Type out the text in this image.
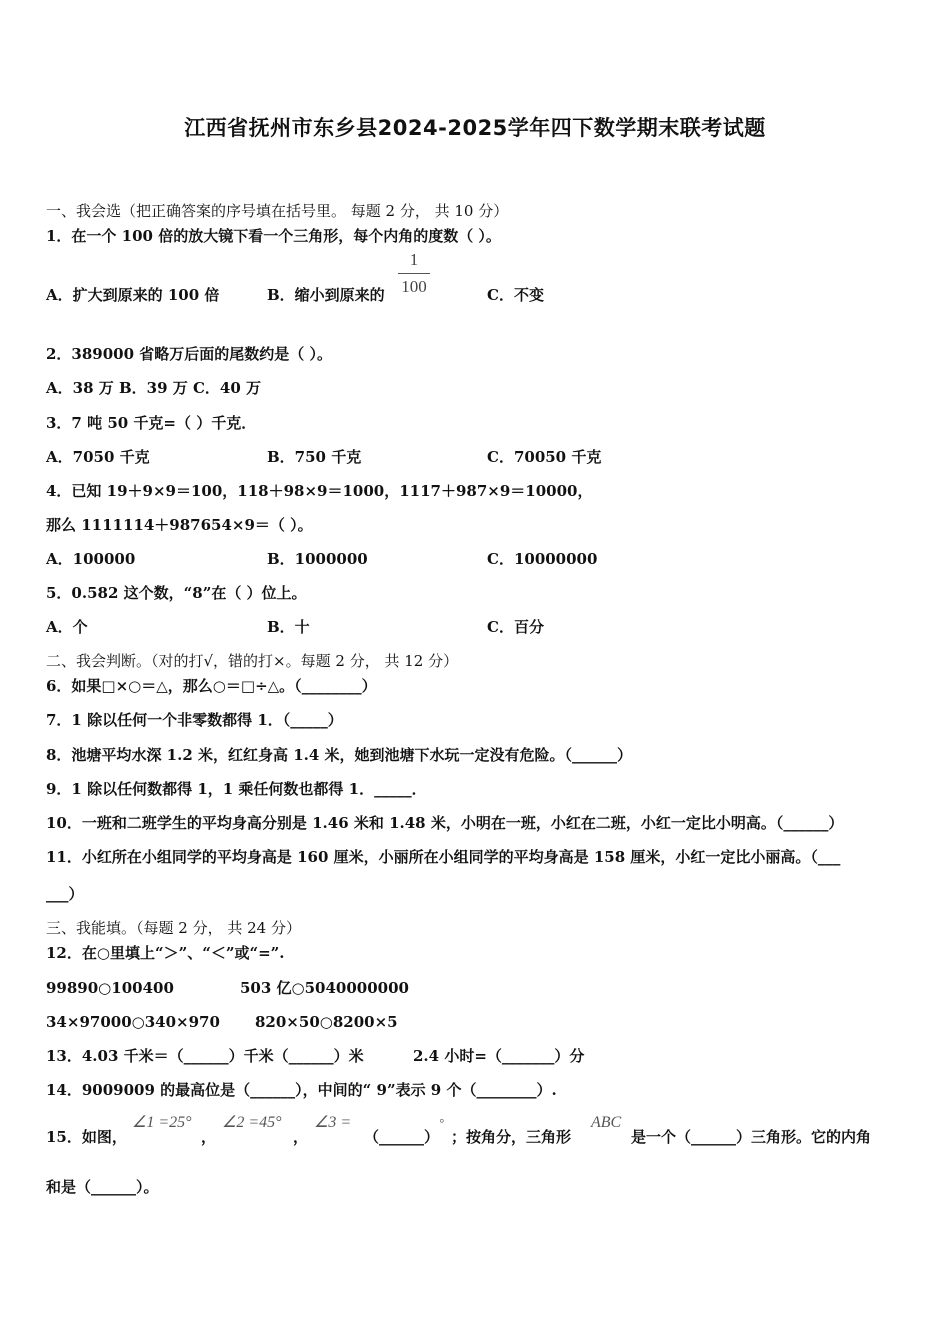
江西省抚州市东乡县2024-2025学年四下数学期末联考试题
一、我会选（把正确答案的序号填在括号里。 每题 2 分， 共 10 分）
1．在一个 100 倍的放大镜下看一个三角形，每个内角的度数（ ）。
A．扩大到原来的 100 倍	B．缩小到原来的
1
100	C．不变
2．389000 省略万后面的尾数约是（ ）。
A．38 万 B．39 万 C．40 万
3．7 吨 50 千克=（ ）千克．
A．7050 千克	B．750 千克	C．70050 千克
4．已知 19＋9×9＝100，118＋98×9＝1000，1117＋987×9＝10000，
那么 1111114＋987654×9＝（ ）。
A．100000	B．1000000	C．10000000
5．0.582 这个数，“8”在（ ）位上。
A．个	B．十	C．百分
二、我会判断。（对的打√，错的打×。每题 2 分， 共 12 分）
6．如果□×○＝△，那么○＝□÷△。（________）
7．1 除以任何一个非零数都得 1．（_____）
8．池塘平均水深 1.2 米，红红身高 1.4 米，她到池塘下水玩一定没有危险。（______）
9．1 除以任何数都得 1，1 乘任何数也都得 1．_____．
10．一班和二班学生的平均身高分别是 1.46 米和 1.48 米，小明在一班，小红在二班，小红一定比小明高。（______）
11．小红所在小组同学的平均身高是 160 厘米，小丽所在小组同学的平均身高是 158 厘米，小红一定比小丽高。（___
___）
三、我能填。（每题 2 分， 共 24 分）
12．在○里填上“＞”、“＜”或“=”.
99890○100400	503 亿○5040000000
34×97000○340×970 820×50○8200×5
13．4.03 千米＝（______）千米（______）米	2.4 小时=（_______）分
14．9009009 的最高位是（______），中间的“ 9”表示 9 个（________）.
15．如图，
∠1 =25°
，
∠2 =45°
，
∠3 =
（______）
°
；按角分，三角形
ABC
是一个（______）三角形。它的内角
和是（______）。
